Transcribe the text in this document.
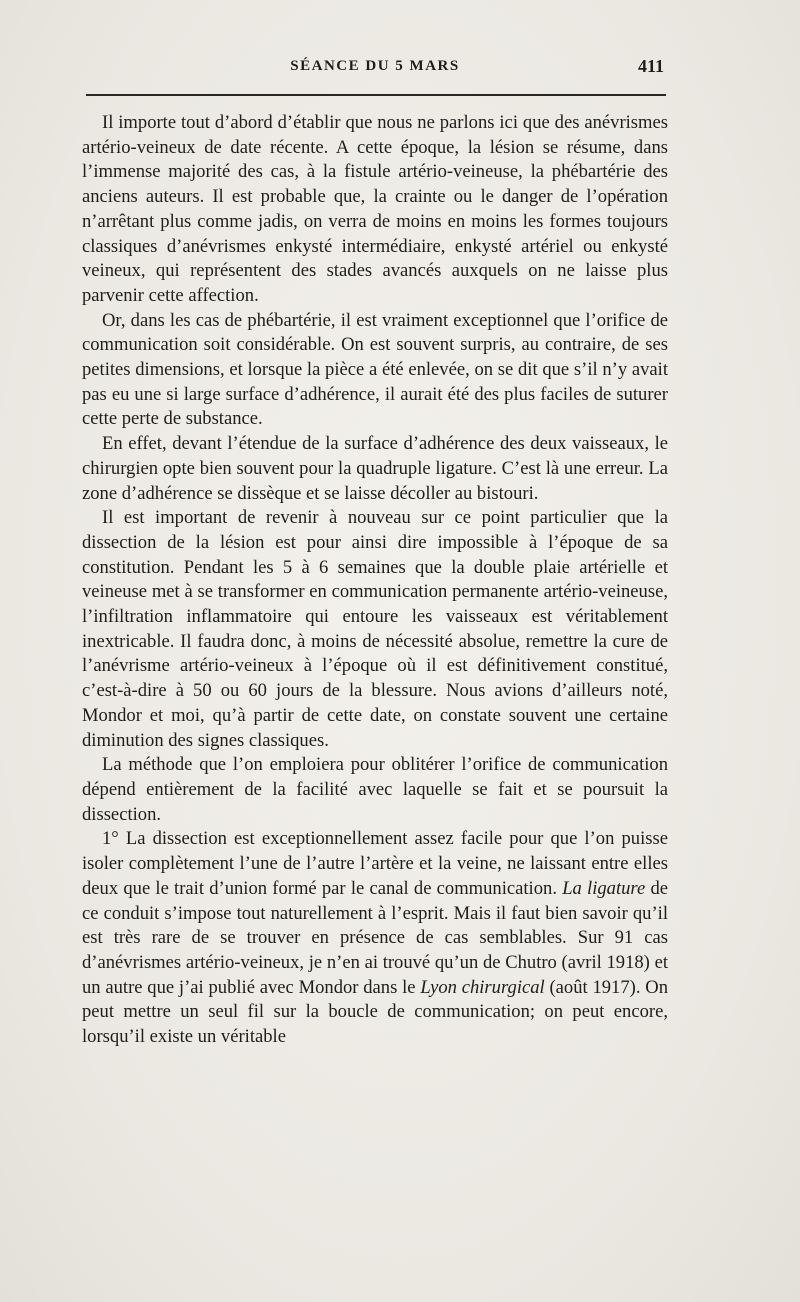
SÉANCE DU 5 MARS	411

Il importe tout d’abord d’établir que nous ne parlons ici que des anévrismes artério-veineux de date récente. A cette époque, la lésion se résume, dans l’immense majorité des cas, à la fistule artério-veineuse, la phébartérie des anciens auteurs. Il est probable que, la crainte ou le danger de l’opération n’arrêtant plus comme jadis, on verra de moins en moins les formes toujours classiques d’anévrismes enkysté intermédiaire, enkysté artériel ou enkysté veineux, qui représentent des stades avancés auxquels on ne laisse plus parvenir cette affection.

Or, dans les cas de phébartérie, il est vraiment exceptionnel que l’orifice de communication soit considérable. On est souvent surpris, au contraire, de ses petites dimensions, et lorsque la pièce a été enlevée, on se dit que s’il n’y avait pas eu une si large surface d’adhérence, il aurait été des plus faciles de suturer cette perte de substance.

En effet, devant l’étendue de la surface d’adhérence des deux vaisseaux, le chirurgien opte bien souvent pour la quadruple ligature. C’est là une erreur. La zone d’adhérence se dissèque et se laisse décoller au bistouri.

Il est important de revenir à nouveau sur ce point particulier que la dissection de la lésion est pour ainsi dire impossible à l’époque de sa constitution. Pendant les 5 à 6 semaines que la double plaie artérielle et veineuse met à se transformer en communication permanente artério-veineuse, l’infiltration inflammatoire qui entoure les vaisseaux est véritablement inextricable. Il faudra donc, à moins de nécessité absolue, remettre la cure de l’anévrisme artério-veineux à l’époque où il est définitivement constitué, c’est-à-dire à 50 ou 60 jours de la blessure. Nous avions d’ailleurs noté, Mondor et moi, qu’à partir de cette date, on constate souvent une certaine diminution des signes classiques.

La méthode que l’on emploiera pour oblitérer l’orifice de communication dépend entièrement de la facilité avec laquelle se fait et se poursuit la dissection.

1° La dissection est exceptionnellement assez facile pour que l’on puisse isoler complètement l’une de l’autre l’artère et la veine, ne laissant entre elles deux que le trait d’union formé par le canal de communication. La ligature de ce conduit s’impose tout naturellement à l’esprit. Mais il faut bien savoir qu’il est très rare de se trouver en présence de cas semblables. Sur 91 cas d’anévrismes artério-veineux, je n’en ai trouvé qu’un de Chutro (avril 1918) et un autre que j’ai publié avec Mondor dans le Lyon chirurgical (août 1917). On peut mettre un seul fil sur la boucle de communication; on peut encore, lorsqu’il existe un véritable
